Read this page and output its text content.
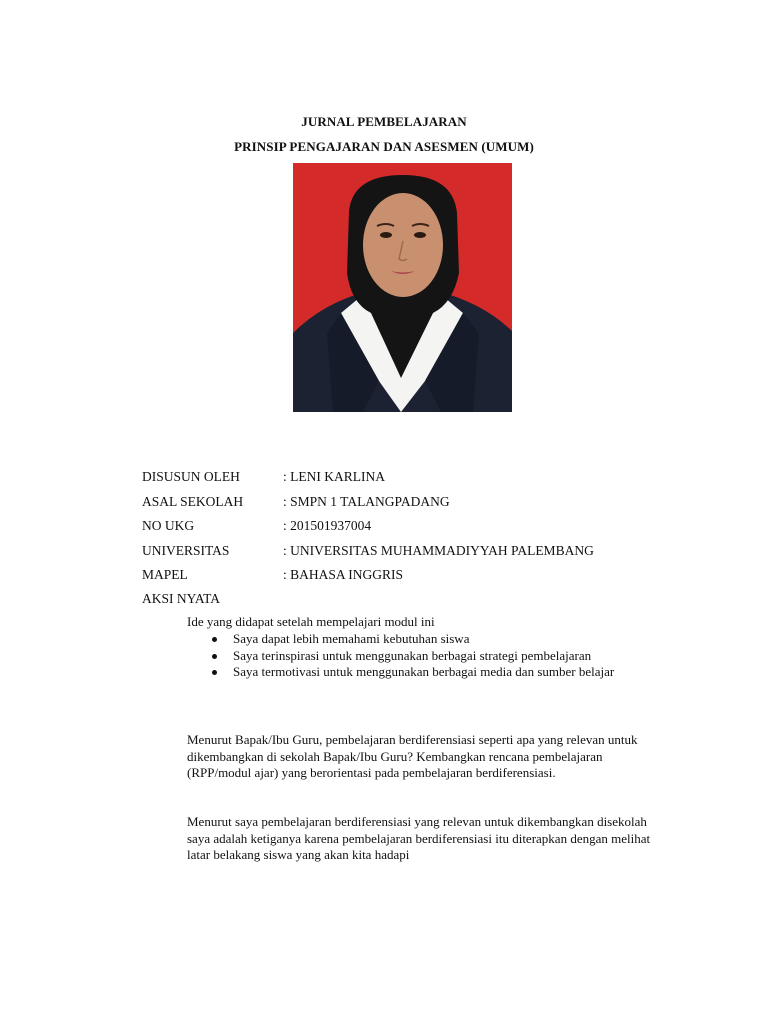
JURNAL PEMBELAJARAN
PRINSIP PENGAJARAN DAN ASESMEN (UMUM)
DISUSUN OLEH	: LENI KARLINA
ASAL SEKOLAH	: SMPN 1 TALANGPADANG
NO UKG	: 201501937004
UNIVERSITAS	: UNIVERSITAS MUHAMMADIYYAH PALEMBANG
MAPEL	: BAHASA INGGRIS
AKSI NYATA
Ide yang didapat setelah mempelajari modul ini
Saya dapat lebih memahami kebutuhan siswa
Saya terinspirasi untuk menggunakan berbagai strategi pembelajaran
Saya termotivasi untuk menggunakan berbagai media dan sumber belajar
Menurut Bapak/Ibu Guru, pembelajaran berdiferensiasi seperti apa yang relevan untuk dikembangkan di sekolah Bapak/Ibu Guru? Kembangkan rencana pembelajaran (RPP/modul ajar) yang berorientasi pada pembelajaran berdiferensiasi.
Menurut saya pembelajaran berdiferensiasi yang relevan untuk dikembangkan disekolah saya adalah ketiganya karena pembelajaran berdiferensiasi itu diterapkan dengan melihat latar belakang siswa yang akan kita hadapi
